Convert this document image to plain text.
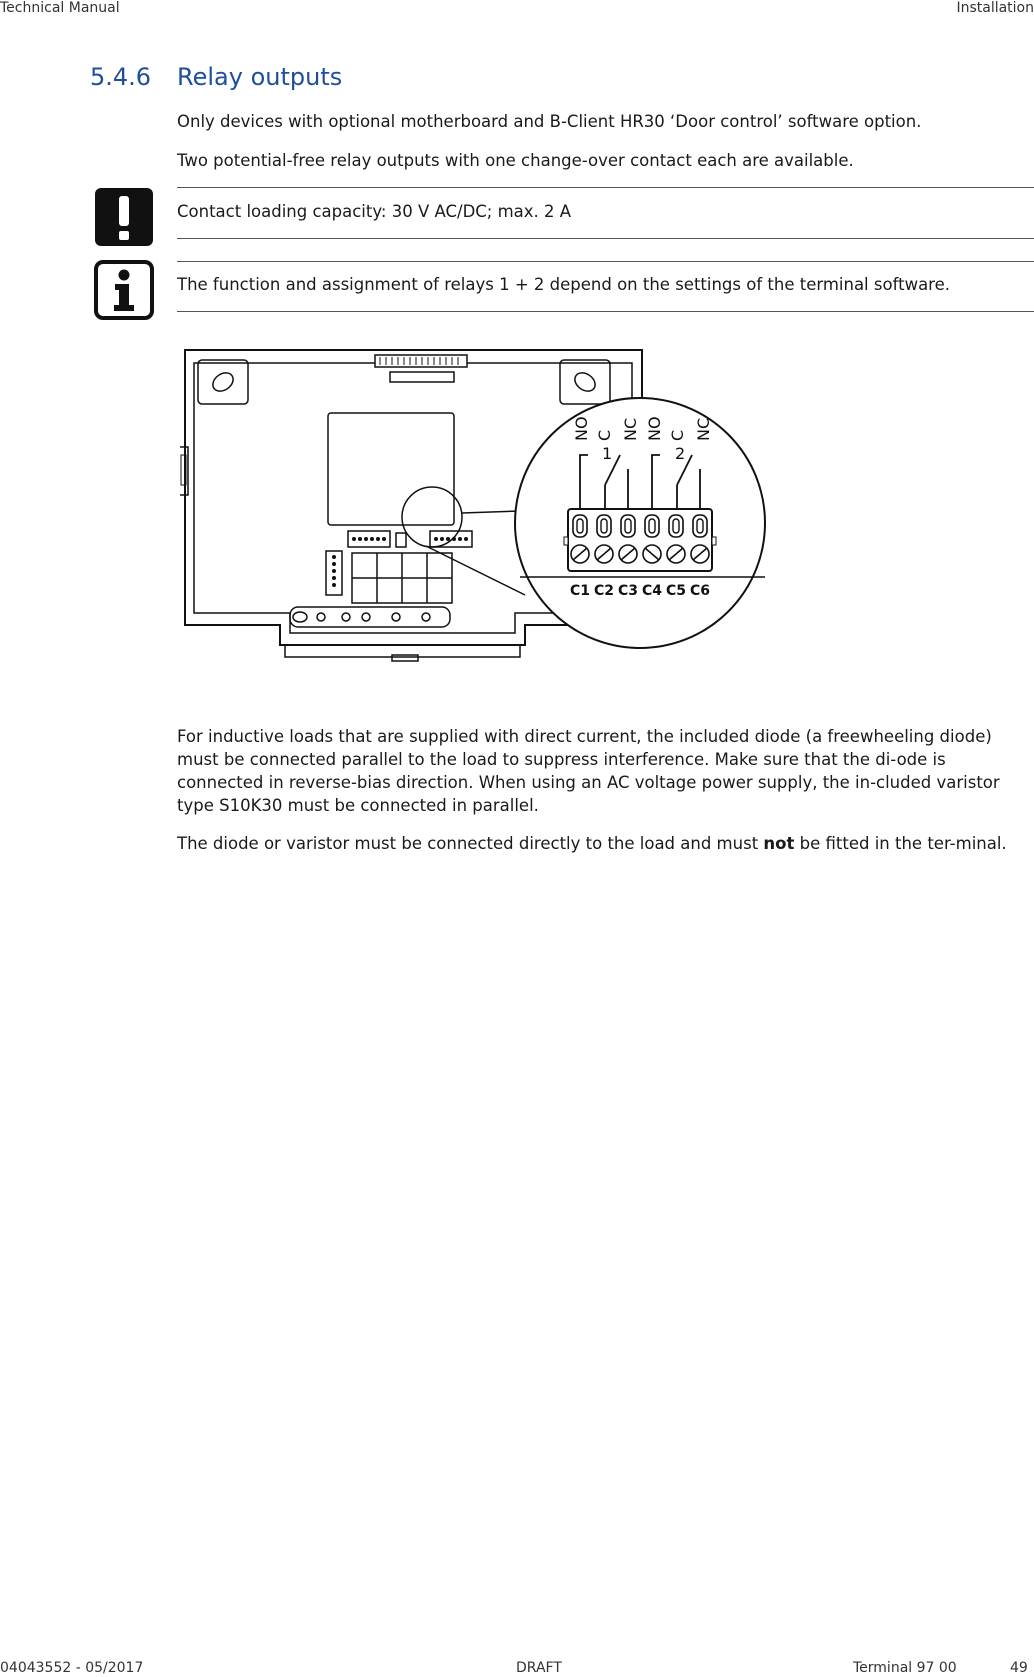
Technical Manual	Installation
5.4.6 Relay outputs

Only devices with optional motherboard and B-Client HR30 ‘Door control’ software option.

Two potential-free relay outputs with one change-over contact each are available.

Contact loading capacity: 30 V AC/DC; max. 2 A
The function and assignment of relays 1 + 2 depend on the settings of the terminal software.
NO C NC NO C NC
1	2
C1 C2 C3 C4 C5 C6

For inductive loads that are supplied with direct current, the included diode (a freewheeling diode) must be connected parallel to the load to suppress interference. Make sure that the di-ode is connected in reverse-bias direction. When using an AC voltage power supply, the in-cluded varistor type S10K30 must be connected in parallel.

The diode or varistor must be connected directly to the load and must not be fitted in the ter-minal.

04043552 - 05/2017	DRAFT	Terminal 97 00	49
